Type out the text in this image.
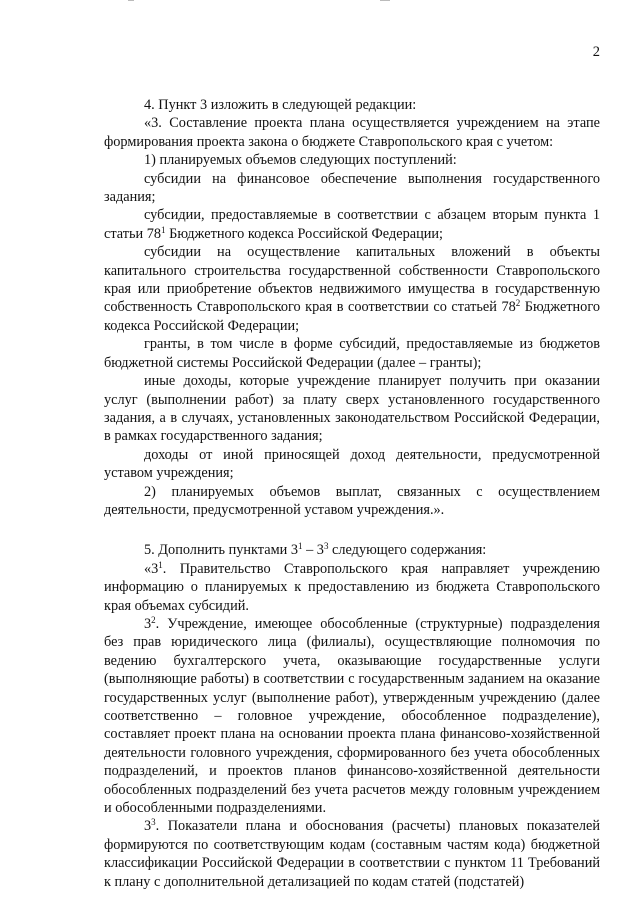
2

4. Пункт 3 изложить в следующей редакции:

«3. Составление проекта плана осуществляется учреждением на этапе формирования проекта закона о бюджете Ставропольского края с учетом:

1) планируемых объемов следующих поступлений:

субсидии на финансовое обеспечение выполнения государственного задания;

субсидии, предоставляемые в соответствии с абзацем вторым пункта 1 статьи $78^1$ Бюджетного кодекса Российской Федерации;

субсидии на осуществление капитальных вложений в объекты капитального строительства государственной собственности Ставропольского края или приобретение объектов недвижимого имущества в государственную собственность Ставропольского края в соответствии со статьей $78^2$ Бюджетного кодекса Российской Федерации;

гранты, в том числе в форме субсидий, предоставляемые из бюджетов бюджетной системы Российской Федерации (далее – гранты);

иные доходы, которые учреждение планирует получить при оказании услуг (выполнении работ) за плату сверх установленного государственного задания, а в случаях, установленных законодательством Российской Федерации, в рамках государственного задания;

доходы от иной приносящей доход деятельности, предусмотренной уставом учреждения;

2) планируемых объемов выплат, связанных с осуществлением деятельности, предусмотренной уставом учреждения.».

5. Дополнить пунктами $3^1 - 3^3$ следующего содержания:

«$3^1$. Правительство Ставропольского края направляет учреждению информацию о планируемых к предоставлению из бюджета Ставропольского края объемах субсидий.

$3^2$. Учреждение, имеющее обособленные (структурные) подразделения без прав юридического лица (филиалы), осуществляющие полномочия по ведению бухгалтерского учета, оказывающие государственные услуги (выполняющие работы) в соответствии с государственным заданием на оказание государственных услуг (выполнение работ), утвержденным учреждению (далее соответственно – головное учреждение, обособленное подразделение), составляет проект плана на основании проекта плана финансово-хозяйственной деятельности головного учреждения, сформированного без учета обособленных подразделений, и проектов планов финансово-хозяйственной деятельности обособленных подразделений без учета расчетов между головным учреждением и обособленными подразделениями.

$3^3$. Показатели плана и обоснования (расчеты) плановых показателей формируются по соответствующим кодам (составным частям кода) бюджетной классификации Российской Федерации в соответствии с пунктом 11 Требований к плану с дополнительной детализацией по кодам статей (подстатей)
